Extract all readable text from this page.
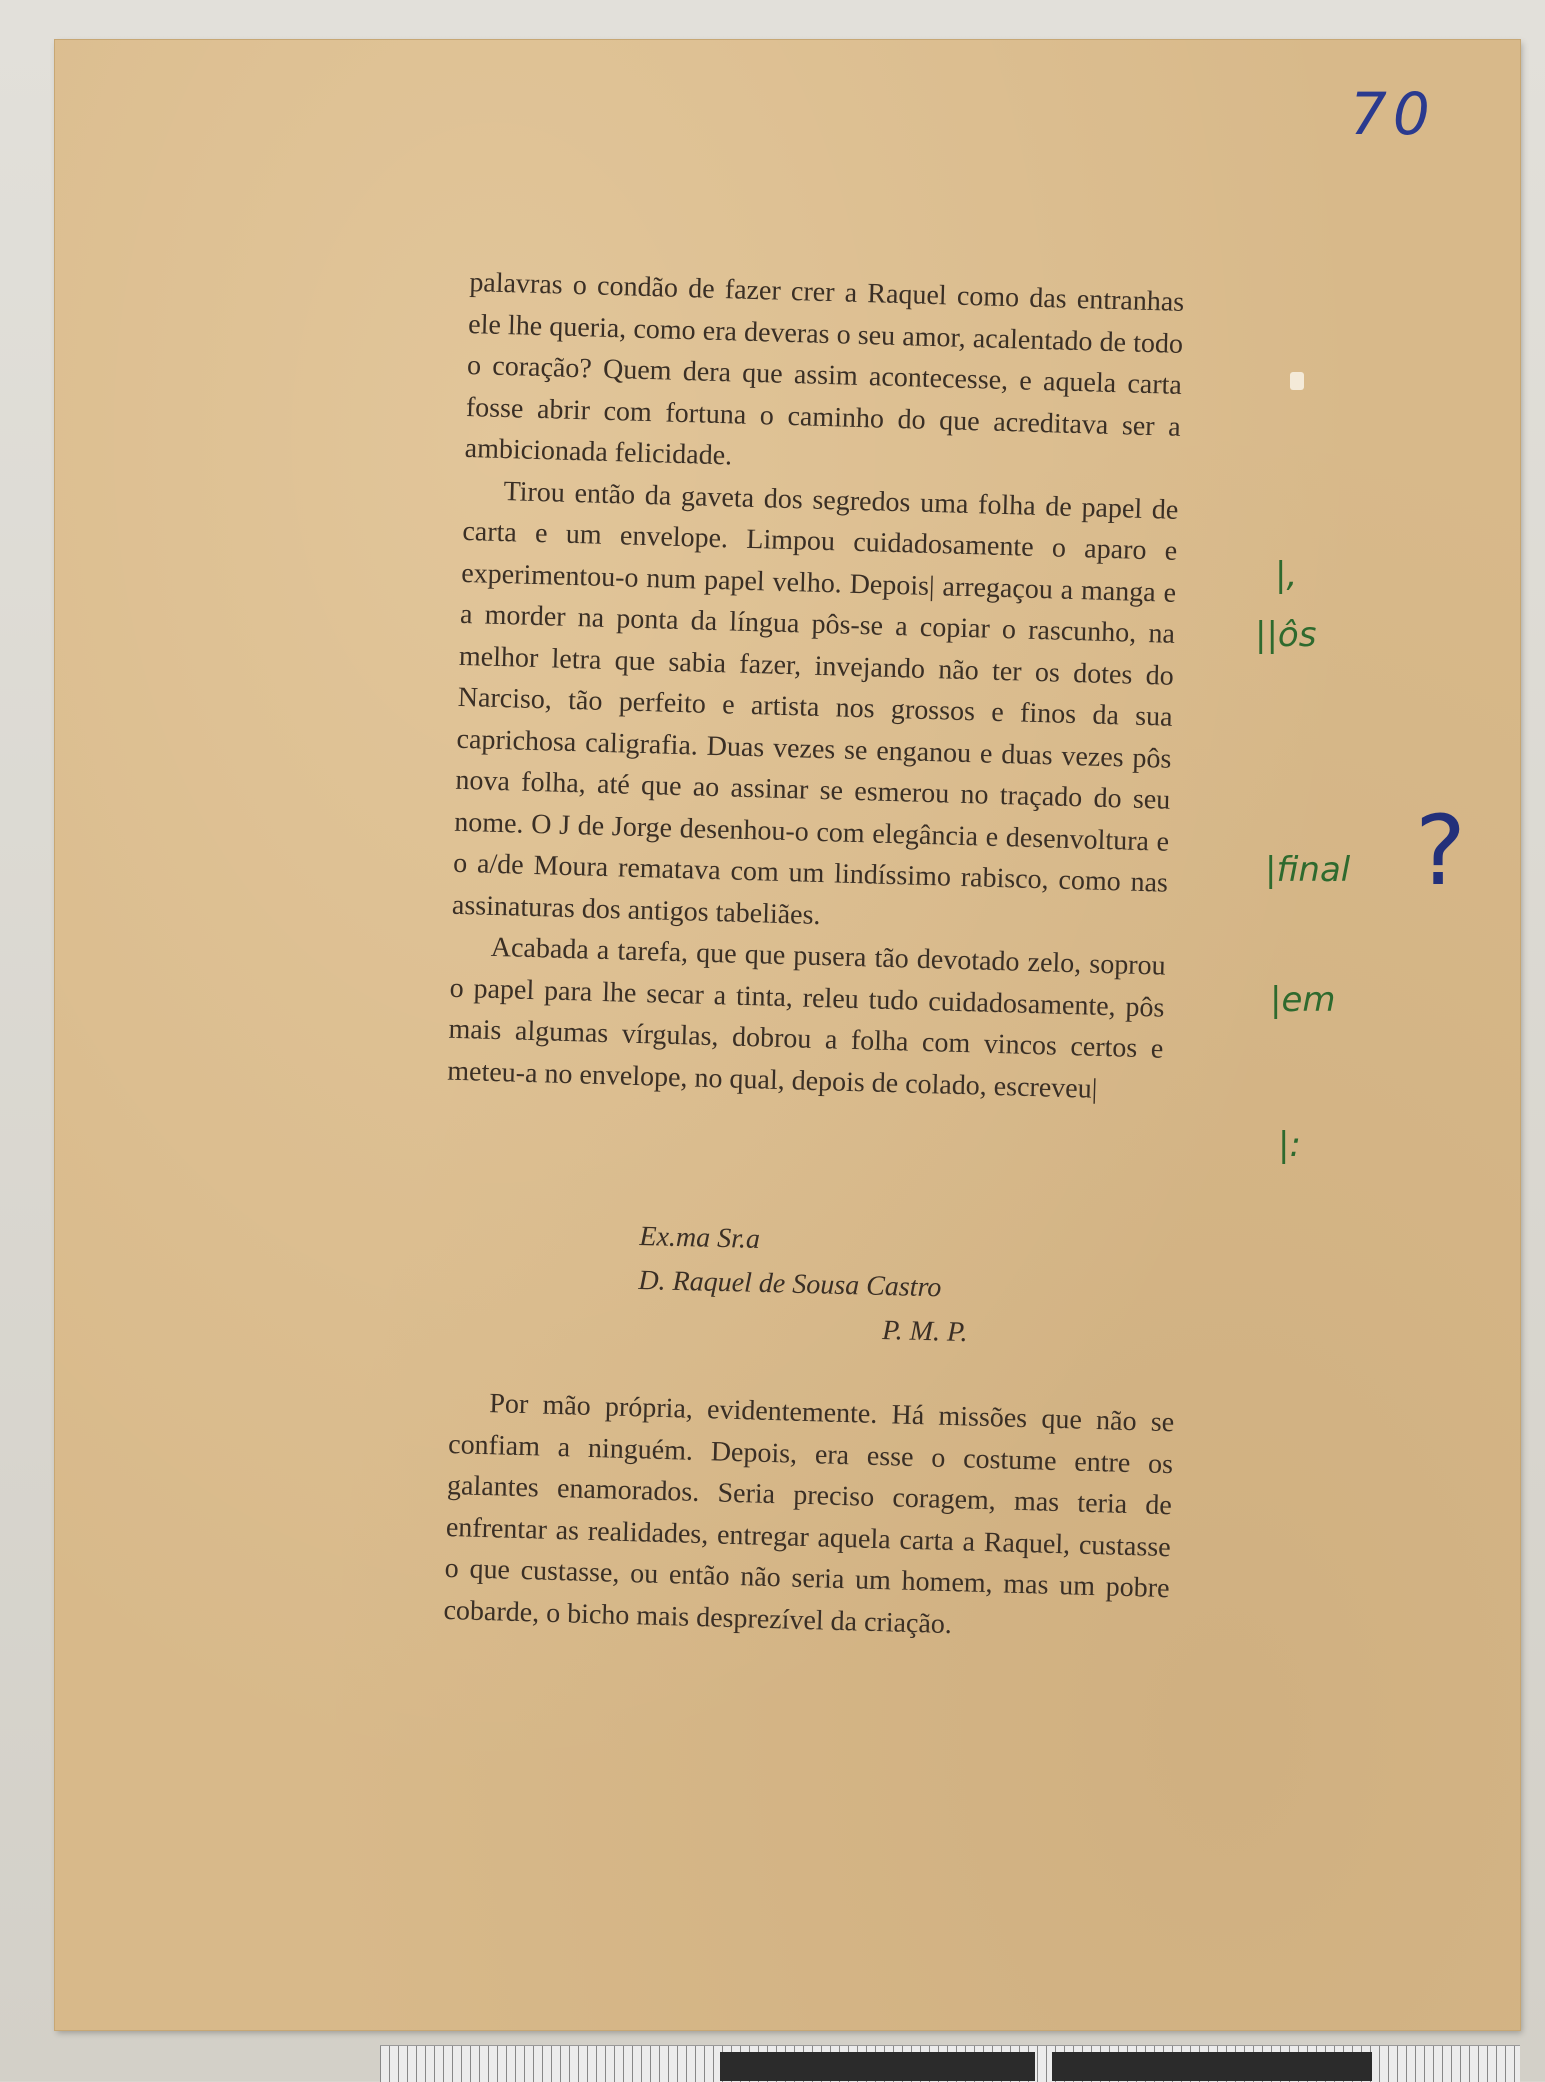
70

palavras o condão de fazer crer a Raquel como das entranhas ele lhe queria, como era deveras o seu amor, acalentado de todo o coração? Quem dera que assim acontecesse, e aquela carta fosse abrir com fortuna o caminho do que acreditava ser a ambicionada felicidade.

Tirou então da gaveta dos segredos uma folha de papel de carta e um envelope. Limpou cuidadosamente o aparo e experimentou-o num papel velho. Depois| arregaçou a manga e a morder na ponta da língua pôs-se a copiar o rascunho, na melhor letra que sabia fazer, invejando não ter os dotes do Narciso, tão perfeito e artista nos grossos e finos da sua caprichosa caligrafia. Duas vezes se enganou e duas vezes pôs nova folha, até que ao assinar se esmerou no traçado do seu nome. O J de Jorge desenhou-o com elegância e desenvoltura e o a/de Moura rematava com um lindíssimo rabisco, como nas assinaturas dos antigos tabeliães.

Acabada a tarefa, que que pusera tão devotado zelo, soprou o papel para lhe secar a tinta, releu tudo cuidadosamente, pôs mais algumas vírgulas, dobrou a folha com vincos certos e meteu-a no envelope, no qual, depois de colado, escreveu|

Ex.ma Sr.a
D. Raquel de Sousa Castro
P. M. P.

Por mão própria, evidentemente. Há missões que não se confiam a ninguém. Depois, era esse o costume entre os galantes enamorados. Seria preciso coragem, mas teria de enfrentar as realidades, entregar aquela carta a Raquel, custasse o que custasse, ou então não seria um homem, mas um pobre cobarde, o bicho mais desprezível da criação.

|,
||ôs
|final ?
|em
|:
